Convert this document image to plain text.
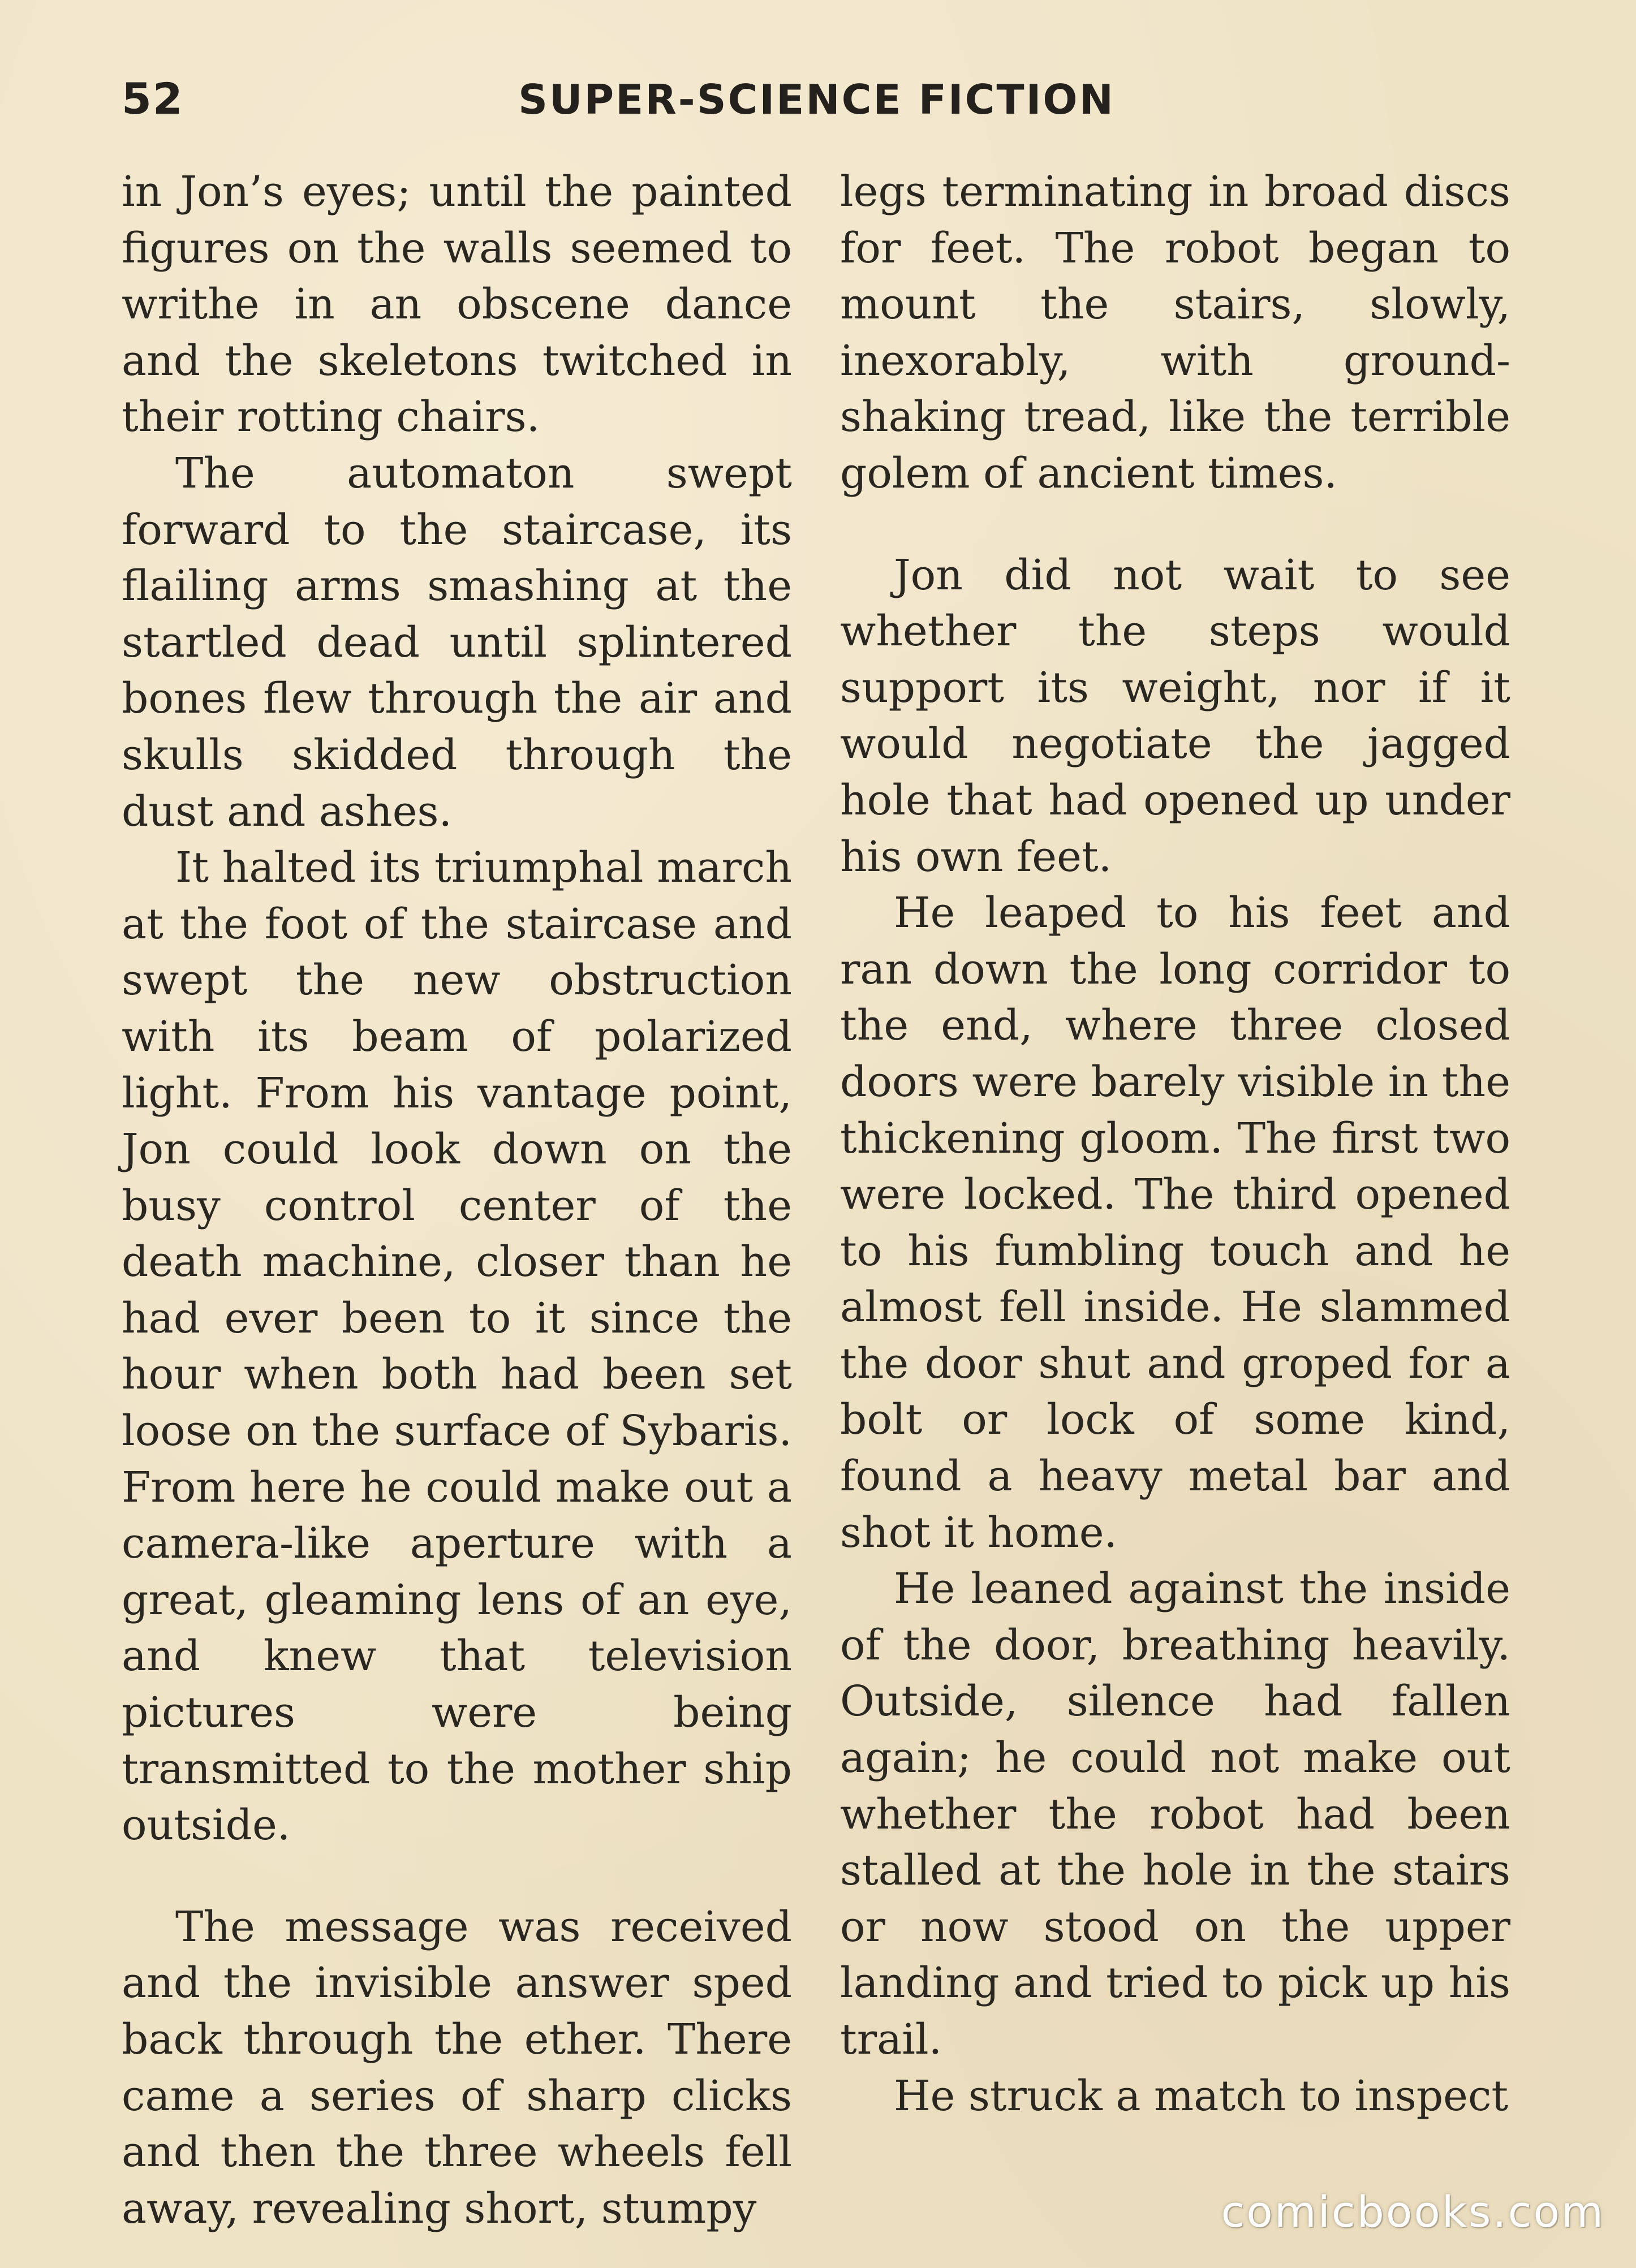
52	SUPER-SCIENCE FICTION

in Jon’s eyes; until the painted figures on the walls seemed to writhe in an obscene dance and the skeletons twitched in their rotting chairs.

The automaton swept forward to the staircase, its flailing arms smashing at the startled dead until splintered bones flew through the air and skulls skidded through the dust and ashes.

It halted its triumphal march at the foot of the staircase and swept the new obstruction with its beam of polarized light. From his vantage point, Jon could look down on the busy control center of the death machine, closer than he had ever been to it since the hour when both had been set loose on the surface of Sybaris. From here he could make out a camera-like aperture with a great, gleaming lens of an eye, and knew that television pictures were being transmitted to the mother ship outside.

The message was received and the invisible answer sped back through the ether. There came a series of sharp clicks and then the three wheels fell away, revealing short, stumpy

legs terminating in broad discs for feet. The robot began to mount the stairs, slowly, inexorably, with ground-shaking tread, like the terrible golem of ancient times.

Jon did not wait to see whether the steps would support its weight, nor if it would negotiate the jagged hole that had opened up under his own feet.

He leaped to his feet and ran down the long corridor to the end, where three closed doors were barely visible in the thickening gloom. The first two were locked. The third opened to his fumbling touch and he almost fell inside. He slammed the door shut and groped for a bolt or lock of some kind, found a heavy metal bar and shot it home.

He leaned against the inside of the door, breathing heavily. Outside, silence had fallen again; he could not make out whether the robot had been stalled at the hole in the stairs or now stood on the upper landing and tried to pick up his trail.

He struck a match to inspect

comicbooks.com
